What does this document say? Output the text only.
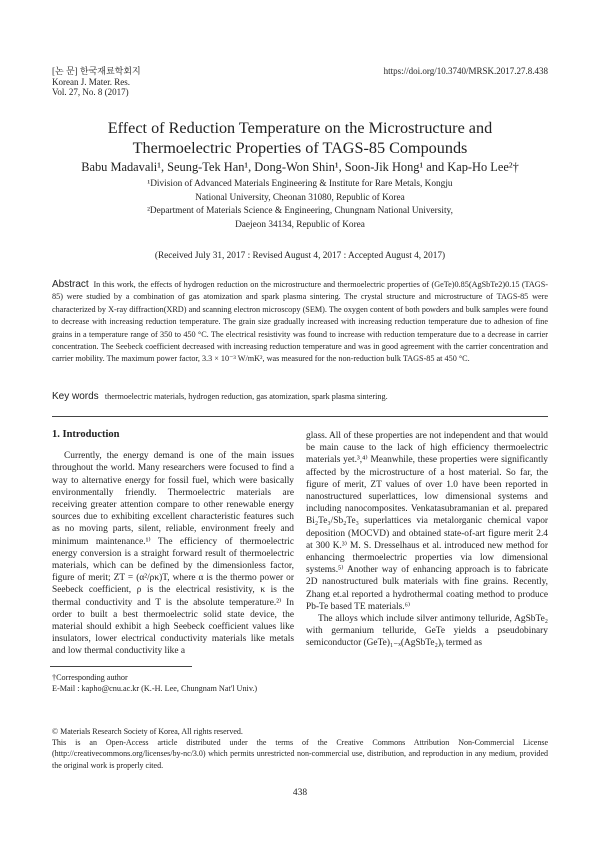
[논 문] 한국재료학회지
Korean J. Mater. Res.
Vol. 27, No. 8 (2017)
https://doi.org/10.3740/MRSK.2017.27.8.438
Effect of Reduction Temperature on the Microstructure and
Thermoelectric Properties of TAGS-85 Compounds
Babu Madavali¹, Seung-Tek Han¹, Dong-Won Shin¹, Soon-Jik Hong¹ and Kap-Ho Lee²†
¹Division of Advanced Materials Engineering & Institute for Rare Metals, Kongju
National University, Cheonan 31080, Republic of Korea
²Department of Materials Science & Engineering, Chungnam National University,
Daejeon 34134, Republic of Korea
(Received July 31, 2017 : Revised August 4, 2017 : Accepted August 4, 2017)
Abstract In this work, the effects of hydrogen reduction on the microstructure and thermoelectric properties of (GeTe)0.85(AgSbTe2)0.15 (TAGS-85) were studied by a combination of gas atomization and spark plasma sintering. The crystal structure and microstructure of TAGS-85 were characterized by X-ray diffraction(XRD) and scanning electron microscopy (SEM). The oxygen content of both powders and bulk samples were found to decrease with increasing reduction temperature. The grain size gradually increased with increasing reduction temperature due to adhesion of fine grains in a temperature range of 350 to 450 °C. The electrical resistivity was found to increase with reduction temperature due to a decrease in carrier concentration. The Seebeck coefficient decreased with increasing reduction temperature and was in good agreement with the carrier concentration and carrier mobility. The maximum power factor, 3.3 × 10⁻³ W/mK², was measured for the non-reduction bulk TAGS-85 at 450 °C.
Key words thermoelectric materials, hydrogen reduction, gas atomization, spark plasma sintering.
1. Introduction

Currently, the energy demand is one of the main issues throughout the world. Many researchers were focused to find a way to alternative energy for fossil fuel, which were basically environmentally friendly. Thermoelectric materials are receiving greater attention compare to other renewable energy sources due to exhibiting excellent characteristic features such as no moving parts, silent, reliable, environment freely and minimum maintenance.¹⁾ The efficiency of thermoelectric energy conversion is a straight forward result of thermoelectric materials, which can be defined by the dimensionless factor, figure of merit; ZT = (α²/ρκ)T, where α is the thermo power or Seebeck coefficient, ρ is the electrical resistivity, κ is the thermal conductivity and T is the absolute temperature.²⁾ In order to built a best thermoelectric solid state device, the material should exhibit a high Seebeck coefficient values like insulators, lower electrical conductivity materials like metals and low thermal conductivity like a

glass. All of these properties are not independent and that would be main cause to the lack of high efficiency thermoelectric materials yet.³,⁴⁾ Meanwhile, these properties were significantly affected by the microstructure of a host material. So far, the figure of merit, ZT values of over 1.0 have been reported in nanostructured superlattices, low dimensional systems and including nanocomposites. Venkatasubramanian et al. prepared Bi₂Te₃/Sb₂Te₃ superlattices via metalorganic chemical vapor deposition (MOCVD) and obtained state-of-art figure merit 2.4 at 300 K.³⁾ M. S. Dresselhaus et al. introduced new method for enhancing thermoelectric properties via low dimensional systems.⁵⁾ Another way of enhancing approach is to fabricate 2D nanostructured bulk materials with fine grains. Recently, Zhang et.al reported a hydrothermal coating method to produce Pb-Te based TE materials.⁶⁾

The alloys which include silver antimony telluride, AgSbTe₂ with germanium telluride, GeTe yields a pseudobinary semiconductor (GeTe)₁₋ₓ(AgSbTe₂)ᵧ termed as

†Corresponding author
E-Mail : kapho@cnu.ac.kr (K.-H. Lee, Chungnam Nat'l Univ.)
© Materials Research Society of Korea, All rights reserved.
This is an Open-Access article distributed under the terms of the Creative Commons Attribution Non-Commercial License (http://creativecommons.org/licenses/by-nc/3.0) which permits unrestricted non-commercial use, distribution, and reproduction in any medium, provided the original work is properly cited.
438
